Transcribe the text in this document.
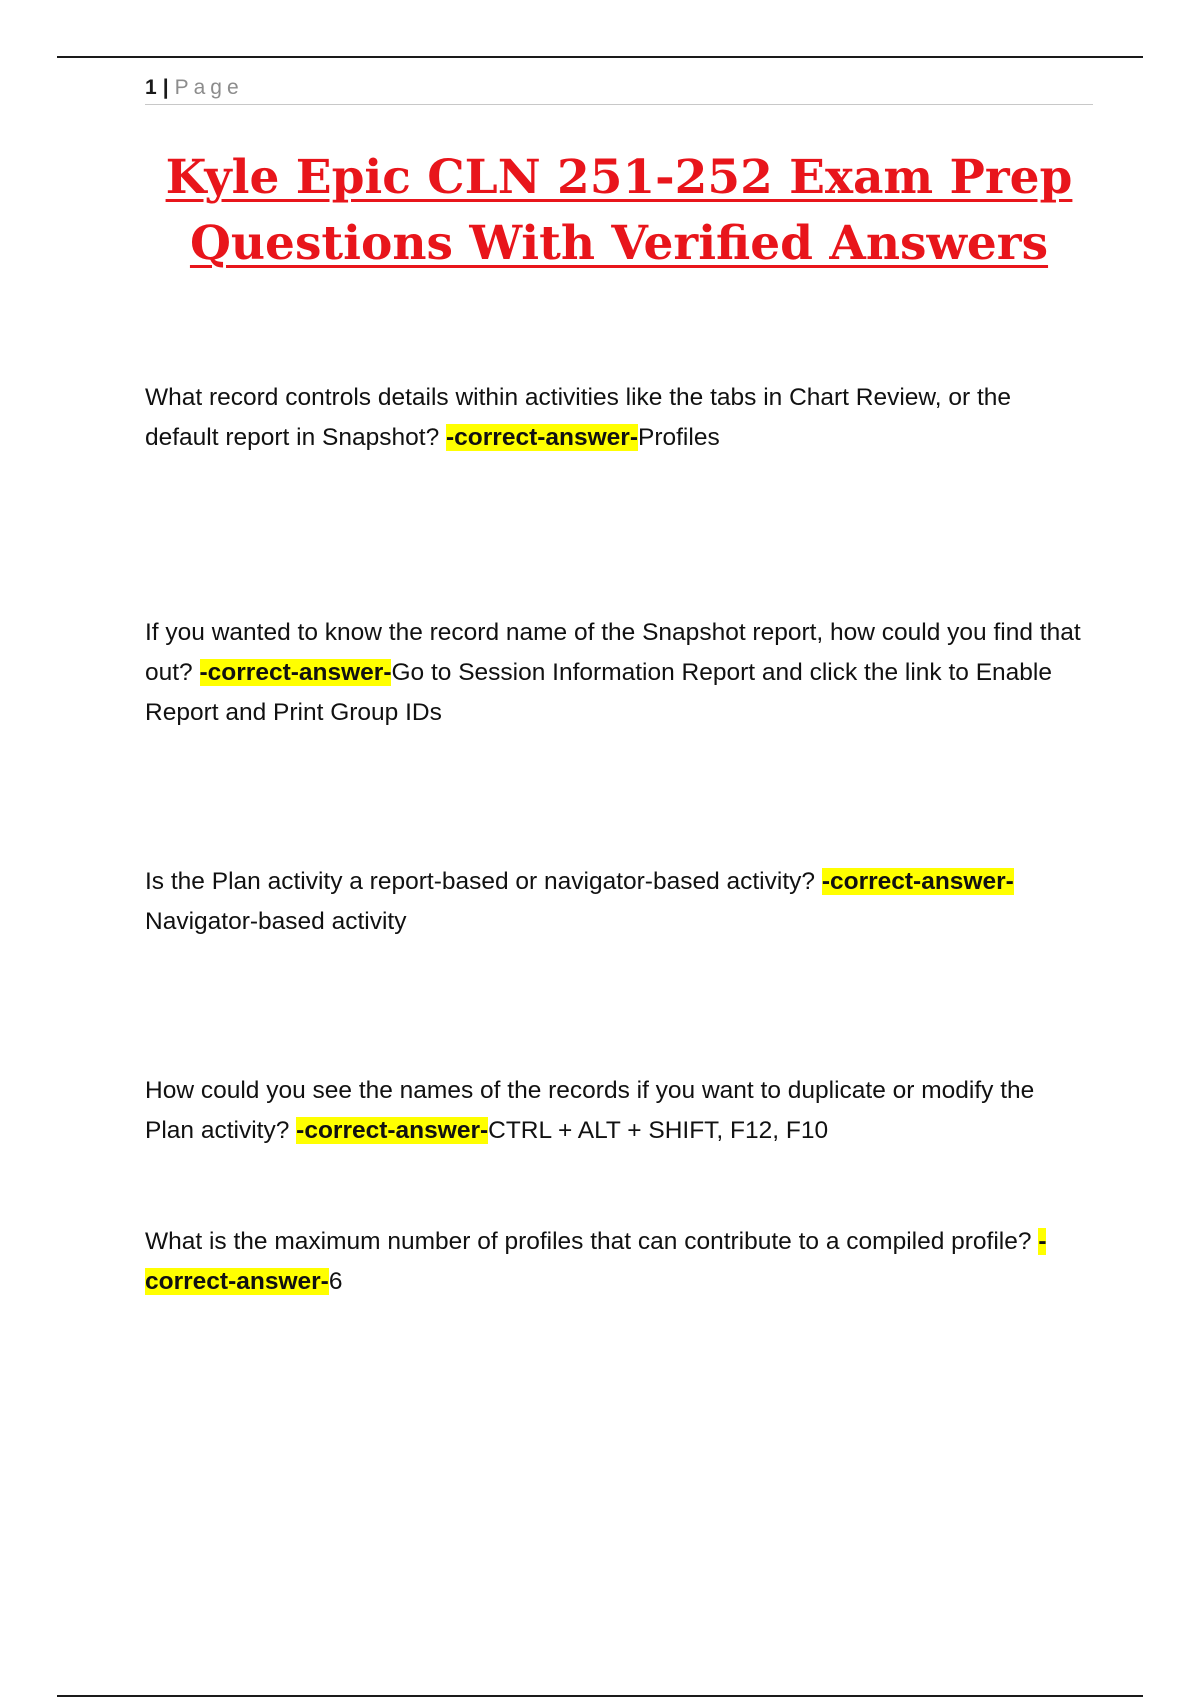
1 | Page
Kyle Epic CLN 251-252 Exam Prep Questions With Verified Answers

What record controls details within activities like the tabs in Chart Review, or the default report in Snapshot? -correct-answer-Profiles

If you wanted to know the record name of the Snapshot report, how could you find that out? -correct-answer-Go to Session Information Report and click the link to Enable Report and Print Group IDs

Is the Plan activity a report-based or navigator-based activity? -correct-answer-Navigator-based activity

How could you see the names of the records if you want to duplicate or modify the Plan activity? -correct-answer-CTRL + ALT + SHIFT, F12, F10

What is the maximum number of profiles that can contribute to a compiled profile? -correct-answer-6
